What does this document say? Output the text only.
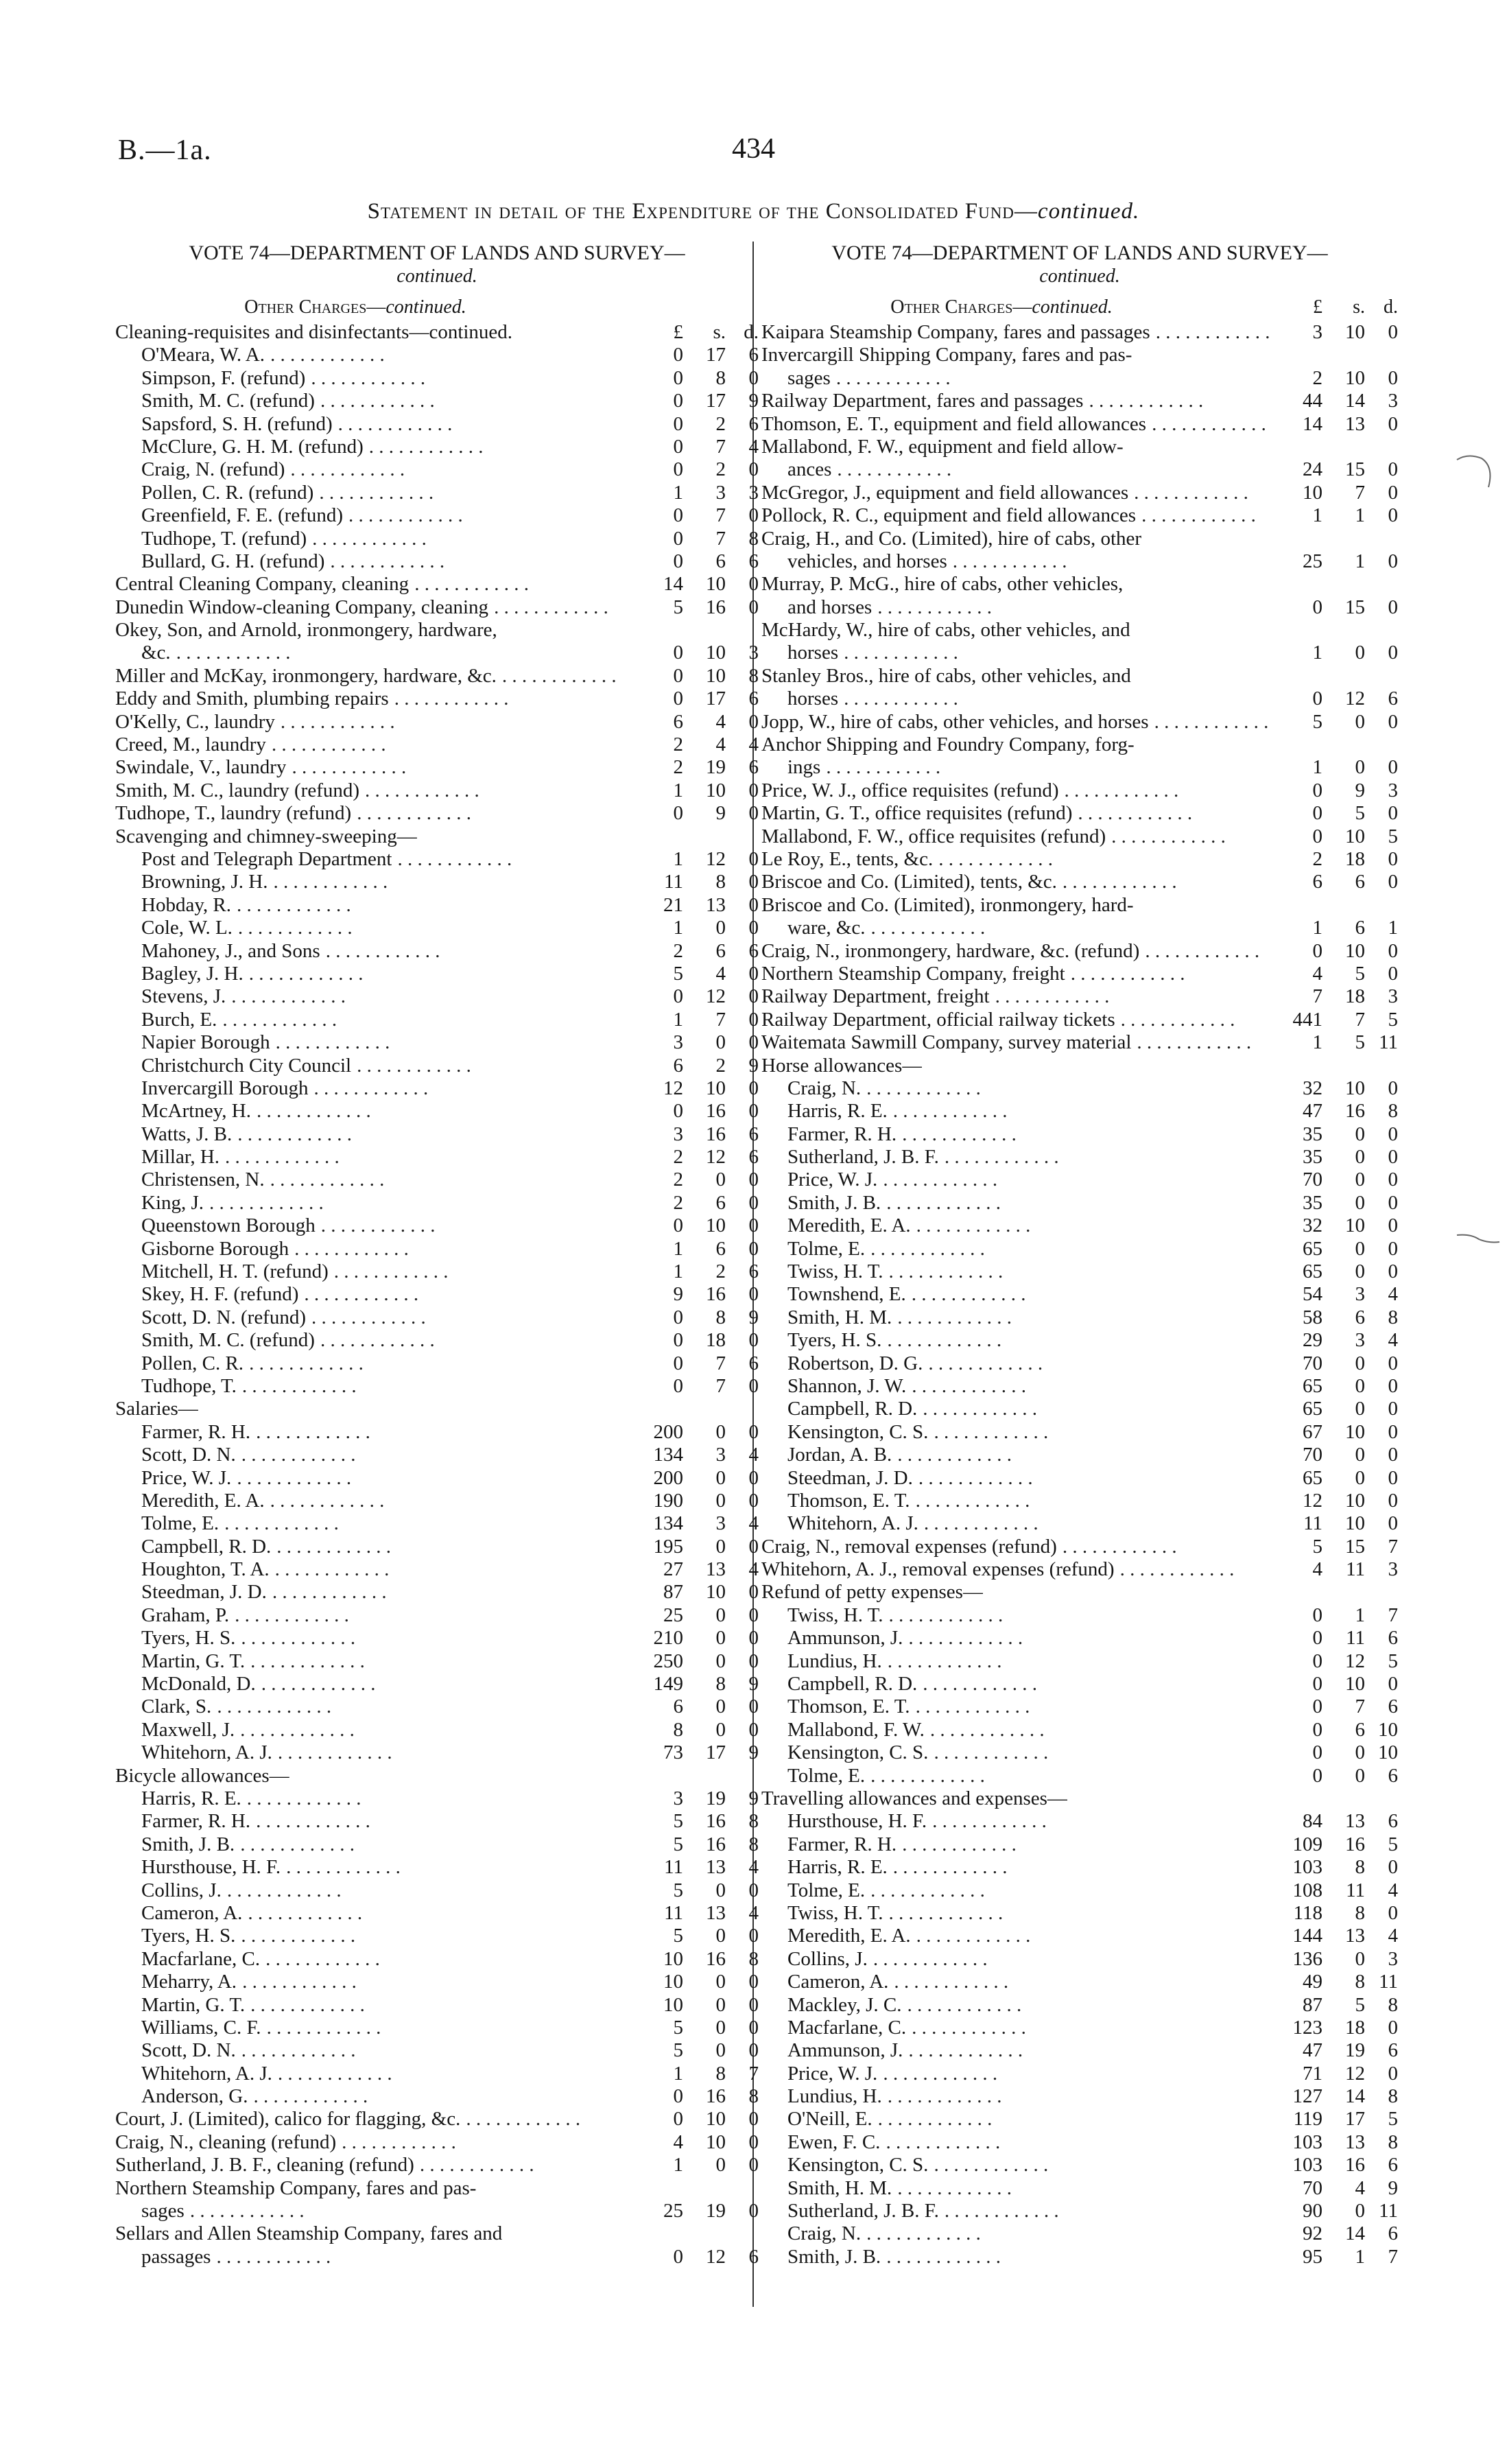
B.—1a.	434
Statement in detail of the Expenditure of the Consolidated Fund—continued.
VOTE 74—DEPARTMENT OF LANDS AND SURVEY—
continued.
Other Charges—continued.
Cleaning-requisites and disinfectants—continued.	£	s. d.
O'Meara, W. A.	0	17	6
. . . . . . . . . . . .
Simpson, F. (refund)	0	8	0
. . . . . . . . . . . .
Smith, M. C. (refund)	0	17	9
. . . . . . . . . . . .
Sapsford, S. H. (refund)	0	2	6
. . . . . . . . . . . .
McClure, G. H. M. (refund)	0	7	4
. . . . . . . . . . . .
Craig, N. (refund)	0	2	0
. . . . . . . . . . . .
Pollen, C. R. (refund)	1	3	3
. . . . . . . . . . . .
Greenfield, F. E. (refund)	0	7	0
. . . . . . . . . . . .
Tudhope, T. (refund)	0	7	8
. . . . . . . . . . . .
Bullard, G. H. (refund)	0	6	6
. . . . . . . . . . . .
Central Cleaning Company, cleaning	14	10	0
. . . . . . . . . . . .
Dunedin Window-cleaning Company, cleaning	5	16	0
. . . . . . . . . . . .
Okey, Son, and Arnold, ironmongery, hardware,
&c.	0	10	3
. . . . . . . . . . . .
Miller and McKay, ironmongery, hardware, &c.	0	10	8
. . . . . . . . . . . .
Eddy and Smith, plumbing repairs	0	17	6
. . . . . . . . . . . .
O'Kelly, C., laundry	6	4	0
. . . . . . . . . . . .
Creed, M., laundry	2	4	4
. . . . . . . . . . . .
Swindale, V., laundry	2	19	6
. . . . . . . . . . . .
Smith, M. C., laundry (refund)	1	10	0
. . . . . . . . . . . .
Tudhope, T., laundry (refund)	0	9	0
. . . . . . . . . . . .
Scavenging and chimney-sweeping—
Post and Telegraph Department	1	12	0
. . . . . . . . . . . .
Browning, J. H.	11	8	0
. . . . . . . . . . . .
Hobday, R.	21	13	0
. . . . . . . . . . . .
Cole, W. L.	1	0	0
. . . . . . . . . . . .
Mahoney, J., and Sons	2	6	6
. . . . . . . . . . . .
Bagley, J. H.	5	4	0
. . . . . . . . . . . .
Stevens, J.	0	12	0
. . . . . . . . . . . .
Burch, E.	1	7	0
. . . . . . . . . . . .
Napier Borough	3	0	0
. . . . . . . . . . . .
Christchurch City Council	6	2	9
. . . . . . . . . . . .
Invercargill Borough	12	10	0
. . . . . . . . . . . .
McArtney, H.	0	16	0
. . . . . . . . . . . .
Watts, J. B.	3	16	6
. . . . . . . . . . . .
Millar, H.	2	12	6
. . . . . . . . . . . .
Christensen, N.	2	0	0
. . . . . . . . . . . .
King, J.	2	6	0
. . . . . . . . . . . .
Queenstown Borough	0	10	0
. . . . . . . . . . . .
Gisborne Borough	1	6	0
. . . . . . . . . . . .
Mitchell, H. T. (refund)	1	2	6
. . . . . . . . . . . .
Skey, H. F. (refund)	9	16	0
. . . . . . . . . . . .
Scott, D. N. (refund)	0	8	9
. . . . . . . . . . . .
Smith, M. C. (refund)	0	18	0
. . . . . . . . . . . .
Pollen, C. R.	0	7	6
. . . . . . . . . . . .
Tudhope, T.	0	7	0
. . . . . . . . . . . .
Salaries—
Farmer, R. H.	200	0	0
. . . . . . . . . . . .
Scott, D. N.	134	3	4
. . . . . . . . . . . .
Price, W. J.	200	0	0
. . . . . . . . . . . .
Meredith, E. A.	190	0	0
. . . . . . . . . . . .
Tolme, E.	134	3	4
. . . . . . . . . . . .
Campbell, R. D.	195	0	0
. . . . . . . . . . . .
Houghton, T. A.	27	13	4
. . . . . . . . . . . .
Steedman, J. D.	87	10	0
. . . . . . . . . . . .
Graham, P.	25	0	0
. . . . . . . . . . . .
Tyers, H. S.	210	0	0
. . . . . . . . . . . .
Martin, G. T.	250	0	0
. . . . . . . . . . . .
McDonald, D.	149	8	9
. . . . . . . . . . . .
Clark, S.	6	0	0
. . . . . . . . . . . .
Maxwell, J.	8	0	0
. . . . . . . . . . . .
Whitehorn, A. J.	73	17	9
. . . . . . . . . . . .
Bicycle allowances—
Harris, R. E.	3	19	9
. . . . . . . . . . . .
Farmer, R. H.	5	16	8
. . . . . . . . . . . .
Smith, J. B.	5	16	8
. . . . . . . . . . . .
Hursthouse, H. F.	11	13	4
. . . . . . . . . . . .
Collins, J.	5	0	0
. . . . . . . . . . . .
Cameron, A.	11	13	4
. . . . . . . . . . . .
Tyers, H. S.	5	0	0
. . . . . . . . . . . .
Macfarlane, C.	10	16	8
. . . . . . . . . . . .
Meharry, A.	10	0	0
. . . . . . . . . . . .
Martin, G. T.	10	0	0
. . . . . . . . . . . .
Williams, C. F.	5	0	0
. . . . . . . . . . . .
Scott, D. N.	5	0	0
. . . . . . . . . . . .
Whitehorn, A. J.	1	8	7
. . . . . . . . . . . .
Anderson, G.	0	16	8
. . . . . . . . . . . .
Court, J. (Limited), calico for flagging, &c.	0	10	0
. . . . . . . . . . . .
Craig, N., cleaning (refund)	4	10	0
. . . . . . . . . . . .
Sutherland, J. B. F., cleaning (refund)	1	0	0
. . . . . . . . . . . .
Northern Steamship Company, fares and pas-
sages	25	19	0
. . . . . . . . . . . .
Sellars and Allen Steamship Company, fares and
passages	0	12	6
. . . . . . . . . . . .
VOTE 74—DEPARTMENT OF LANDS AND SURVEY—
continued.
Other Charges—continued.	£	s. d.
Kaipara Steamship Company, fares and passages	3	10	0
. . . . . . . . . . . .
Invercargill Shipping Company, fares and pas-
sages	2	10	0
. . . . . . . . . . . .
Railway Department, fares and passages	44	14	3
. . . . . . . . . . . .
Thomson, E. T., equipment and field allowances	14	13	0
. . . . . . . . . . . .
Mallabond, F. W., equipment and field allow-
ances	24	15	0
. . . . . . . . . . . .
McGregor, J., equipment and field allowances	10	7	0
. . . . . . . . . . . .
Pollock, R. C., equipment and field allowances	1	1	0
. . . . . . . . . . . .
Craig, H., and Co. (Limited), hire of cabs, other
vehicles, and horses	25	1	0
. . . . . . . . . . . .
Murray, P. McG., hire of cabs, other vehicles,
and horses	0	15	0
. . . . . . . . . . . .
McHardy, W., hire of cabs, other vehicles, and
horses	1	0	0
. . . . . . . . . . . .
Stanley Bros., hire of cabs, other vehicles, and
horses	0	12	6
. . . . . . . . . . . .
Jopp, W., hire of cabs, other vehicles, and horses	5	0	0
. . . . . . . . . . . .
Anchor Shipping and Foundry Company, forg-
ings	1	0	0
. . . . . . . . . . . .
Price, W. J., office requisites (refund)	0	9	3
. . . . . . . . . . . .
Martin, G. T., office requisites (refund)	0	5	0
. . . . . . . . . . . .
Mallabond, F. W., office requisites (refund)	0	10	5
. . . . . . . . . . . .
Le Roy, E., tents, &c.	2	18	0
. . . . . . . . . . . .
Briscoe and Co. (Limited), tents, &c.	6	6	0
. . . . . . . . . . . .
Briscoe and Co. (Limited), ironmongery, hard-
ware, &c.	1	6	1
. . . . . . . . . . . .
Craig, N., ironmongery, hardware, &c. (refund)	0	10	0
. . . . . . . . . . . .
Northern Steamship Company, freight	4	5	0
. . . . . . . . . . . .
Railway Department, freight	7	18	3
. . . . . . . . . . . .
Railway Department, official railway tickets	441	7	5
. . . . . . . . . . . .
Waitemata Sawmill Company, survey material	1	5 11
. . . . . . . . . . . .
Horse allowances—
Craig, N.	32	10	0
. . . . . . . . . . . .
Harris, R. E.	47	16	8
. . . . . . . . . . . .
Farmer, R. H.	35	0	0
. . . . . . . . . . . .
Sutherland, J. B. F.	35	0	0
. . . . . . . . . . . .
Price, W. J.	70	0	0
. . . . . . . . . . . .
Smith, J. B.	35	0	0
. . . . . . . . . . . .
Meredith, E. A.	32	10	0
. . . . . . . . . . . .
Tolme, E.	65	0	0
. . . . . . . . . . . .
Twiss, H. T.	65	0	0
. . . . . . . . . . . .
Townshend, E.	54	3	4
. . . . . . . . . . . .
Smith, H. M.	58	6	8
. . . . . . . . . . . .
Tyers, H. S.	29	3	4
. . . . . . . . . . . .
Robertson, D. G.	70	0	0
. . . . . . . . . . . .
Shannon, J. W.	65	0	0
. . . . . . . . . . . .
Campbell, R. D.	65	0	0
. . . . . . . . . . . .
Kensington, C. S.	67	10	0
. . . . . . . . . . . .
Jordan, A. B.	70	0	0
. . . . . . . . . . . .
Steedman, J. D.	65	0	0
. . . . . . . . . . . .
Thomson, E. T.	12	10	0
. . . . . . . . . . . .
Whitehorn, A. J.	11	10	0
. . . . . . . . . . . .
Craig, N., removal expenses (refund)	5	15	7
. . . . . . . . . . . .
Whitehorn, A. J., removal expenses (refund)	4	11	3
. . . . . . . . . . . .
Refund of petty expenses—
Twiss, H. T.	0	1	7
. . . . . . . . . . . .
Ammunson, J.	0	11	6
. . . . . . . . . . . .
Lundius, H.	0	12	5
. . . . . . . . . . . .
Campbell, R. D.	0	10	0
. . . . . . . . . . . .
Thomson, E. T.	0	7	6
. . . . . . . . . . . .
Mallabond, F. W.	0	6 10
. . . . . . . . . . . .
Kensington, C. S.	0	0 10
. . . . . . . . . . . .
Tolme, E.	0	0	6
. . . . . . . . . . . .
Travelling allowances and expenses—
Hursthouse, H. F.	84	13	6
. . . . . . . . . . . .
Farmer, R. H.	109	16	5
. . . . . . . . . . . .
Harris, R. E.	103	8	0
. . . . . . . . . . . .
Tolme, E.	108	11	4
. . . . . . . . . . . .
Twiss, H. T.	118	8	0
. . . . . . . . . . . .
Meredith, E. A.	144	13	4
. . . . . . . . . . . .
Collins, J.	136	0	3
. . . . . . . . . . . .
Cameron, A.	49	8 11
. . . . . . . . . . . .
Mackley, J. C.	87	5	8
. . . . . . . . . . . .
Macfarlane, C.	123	18	0
. . . . . . . . . . . .
Ammunson, J.	47	19	6
. . . . . . . . . . . .
Price, W. J.	71	12	0
. . . . . . . . . . . .
Lundius, H.	127	14	8
. . . . . . . . . . . .
O'Neill, E.	119	17	5
. . . . . . . . . . . .
Ewen, F. C.	103	13	8
. . . . . . . . . . . .
Kensington, C. S.	103	16	6
. . . . . . . . . . . .
Smith, H. M.	70	4	9
. . . . . . . . . . . .
Sutherland, J. B. F.	90	0 11
. . . . . . . . . . . .
Craig, N.	92	14	6
. . . . . . . . . . . .
Smith, J. B.	95	1	7
. . . . . . . . . . . .
